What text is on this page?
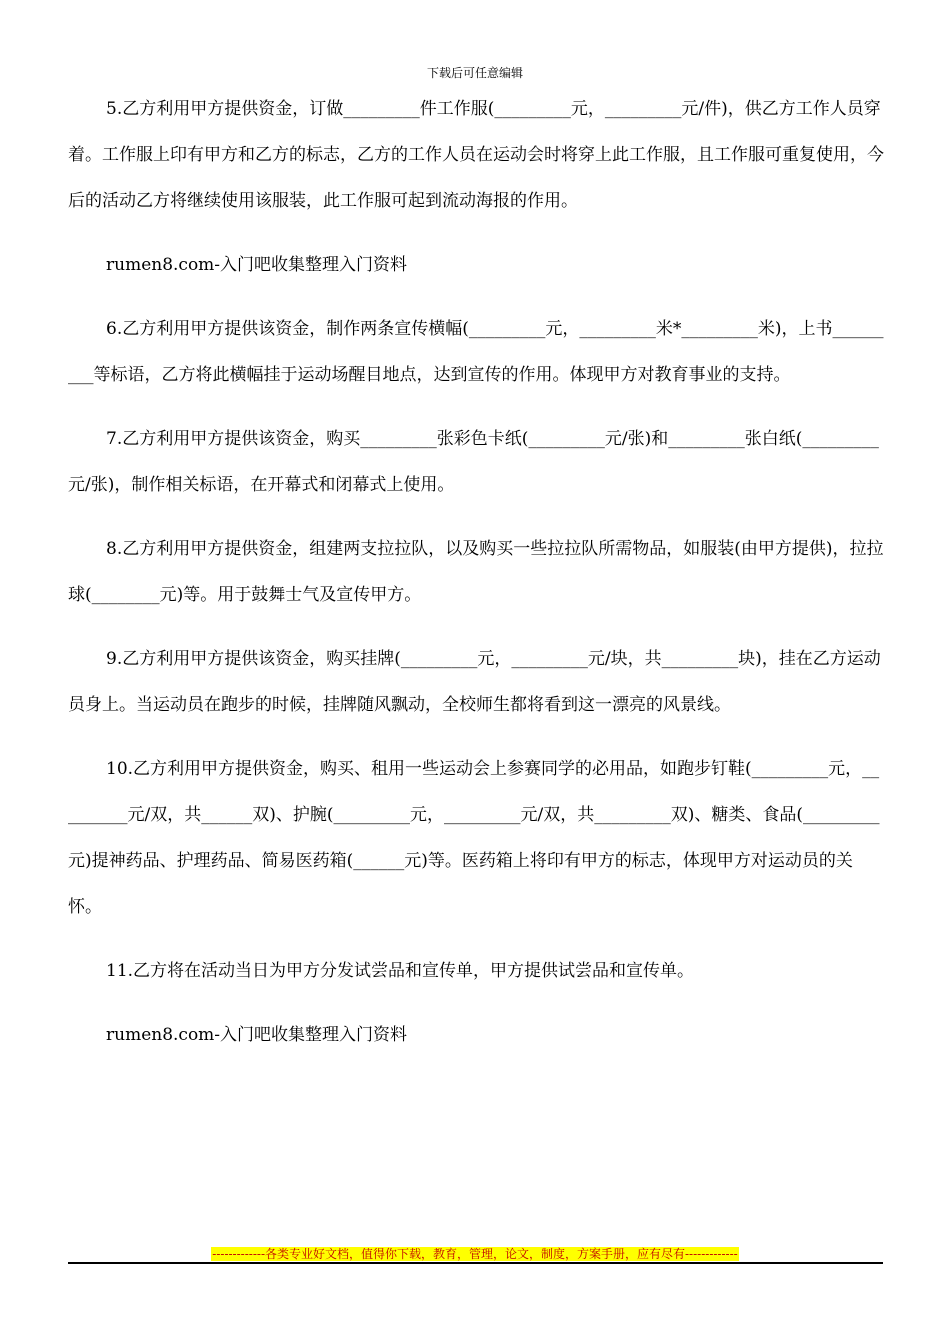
下载后可任意编辑

5.乙方利用甲方提供资金，订做_________件工作服(_________元，_________元/件)，供乙方工作人员穿着。工作服上印有甲方和乙方的标志，乙方的工作人员在运动会时将穿上此工作服，且工作服可重复使用，今后的活动乙方将继续使用该服装，此工作服可起到流动海报的作用。

rumen8.com-入门吧收集整理入门资料

6.乙方利用甲方提供该资金，制作两条宣传横幅(_________元，_________米*_________米)，上书_________等标语，乙方将此横幅挂于运动场醒目地点，达到宣传的作用。体现甲方对教育事业的支持。

7.乙方利用甲方提供该资金，购买_________张彩色卡纸(_________元/张)和_________张白纸(_________元/张)，制作相关标语，在开幕式和闭幕式上使用。

8.乙方利用甲方提供资金，组建两支拉拉队，以及购买一些拉拉队所需物品，如服装(由甲方提供)，拉拉球(________元)等。用于鼓舞士气及宣传甲方。

9.乙方利用甲方提供该资金，购买挂牌(_________元，_________元/块，共_________块)，挂在乙方运动员身上。当运动员在跑步的时候，挂牌随风飘动，全校师生都将看到这一漂亮的风景线。

10.乙方利用甲方提供资金，购买、租用一些运动会上参赛同学的必用品，如跑步钉鞋(_________元，_________元/双，共______双)、护腕(_________元，_________元/双，共_________双)、糖类、食品(_________元)提神药品、护理药品、简易医药箱(______元)等。医药箱上将印有甲方的标志，体现甲方对运动员的关怀。

11.乙方将在活动当日为甲方分发试尝品和宣传单，甲方提供试尝品和宣传单。

rumen8.com-入门吧收集整理入门资料

-------------各类专业好文档，值得你下载，教育，管理，论文，制度，方案手册，应有尽有-------------
